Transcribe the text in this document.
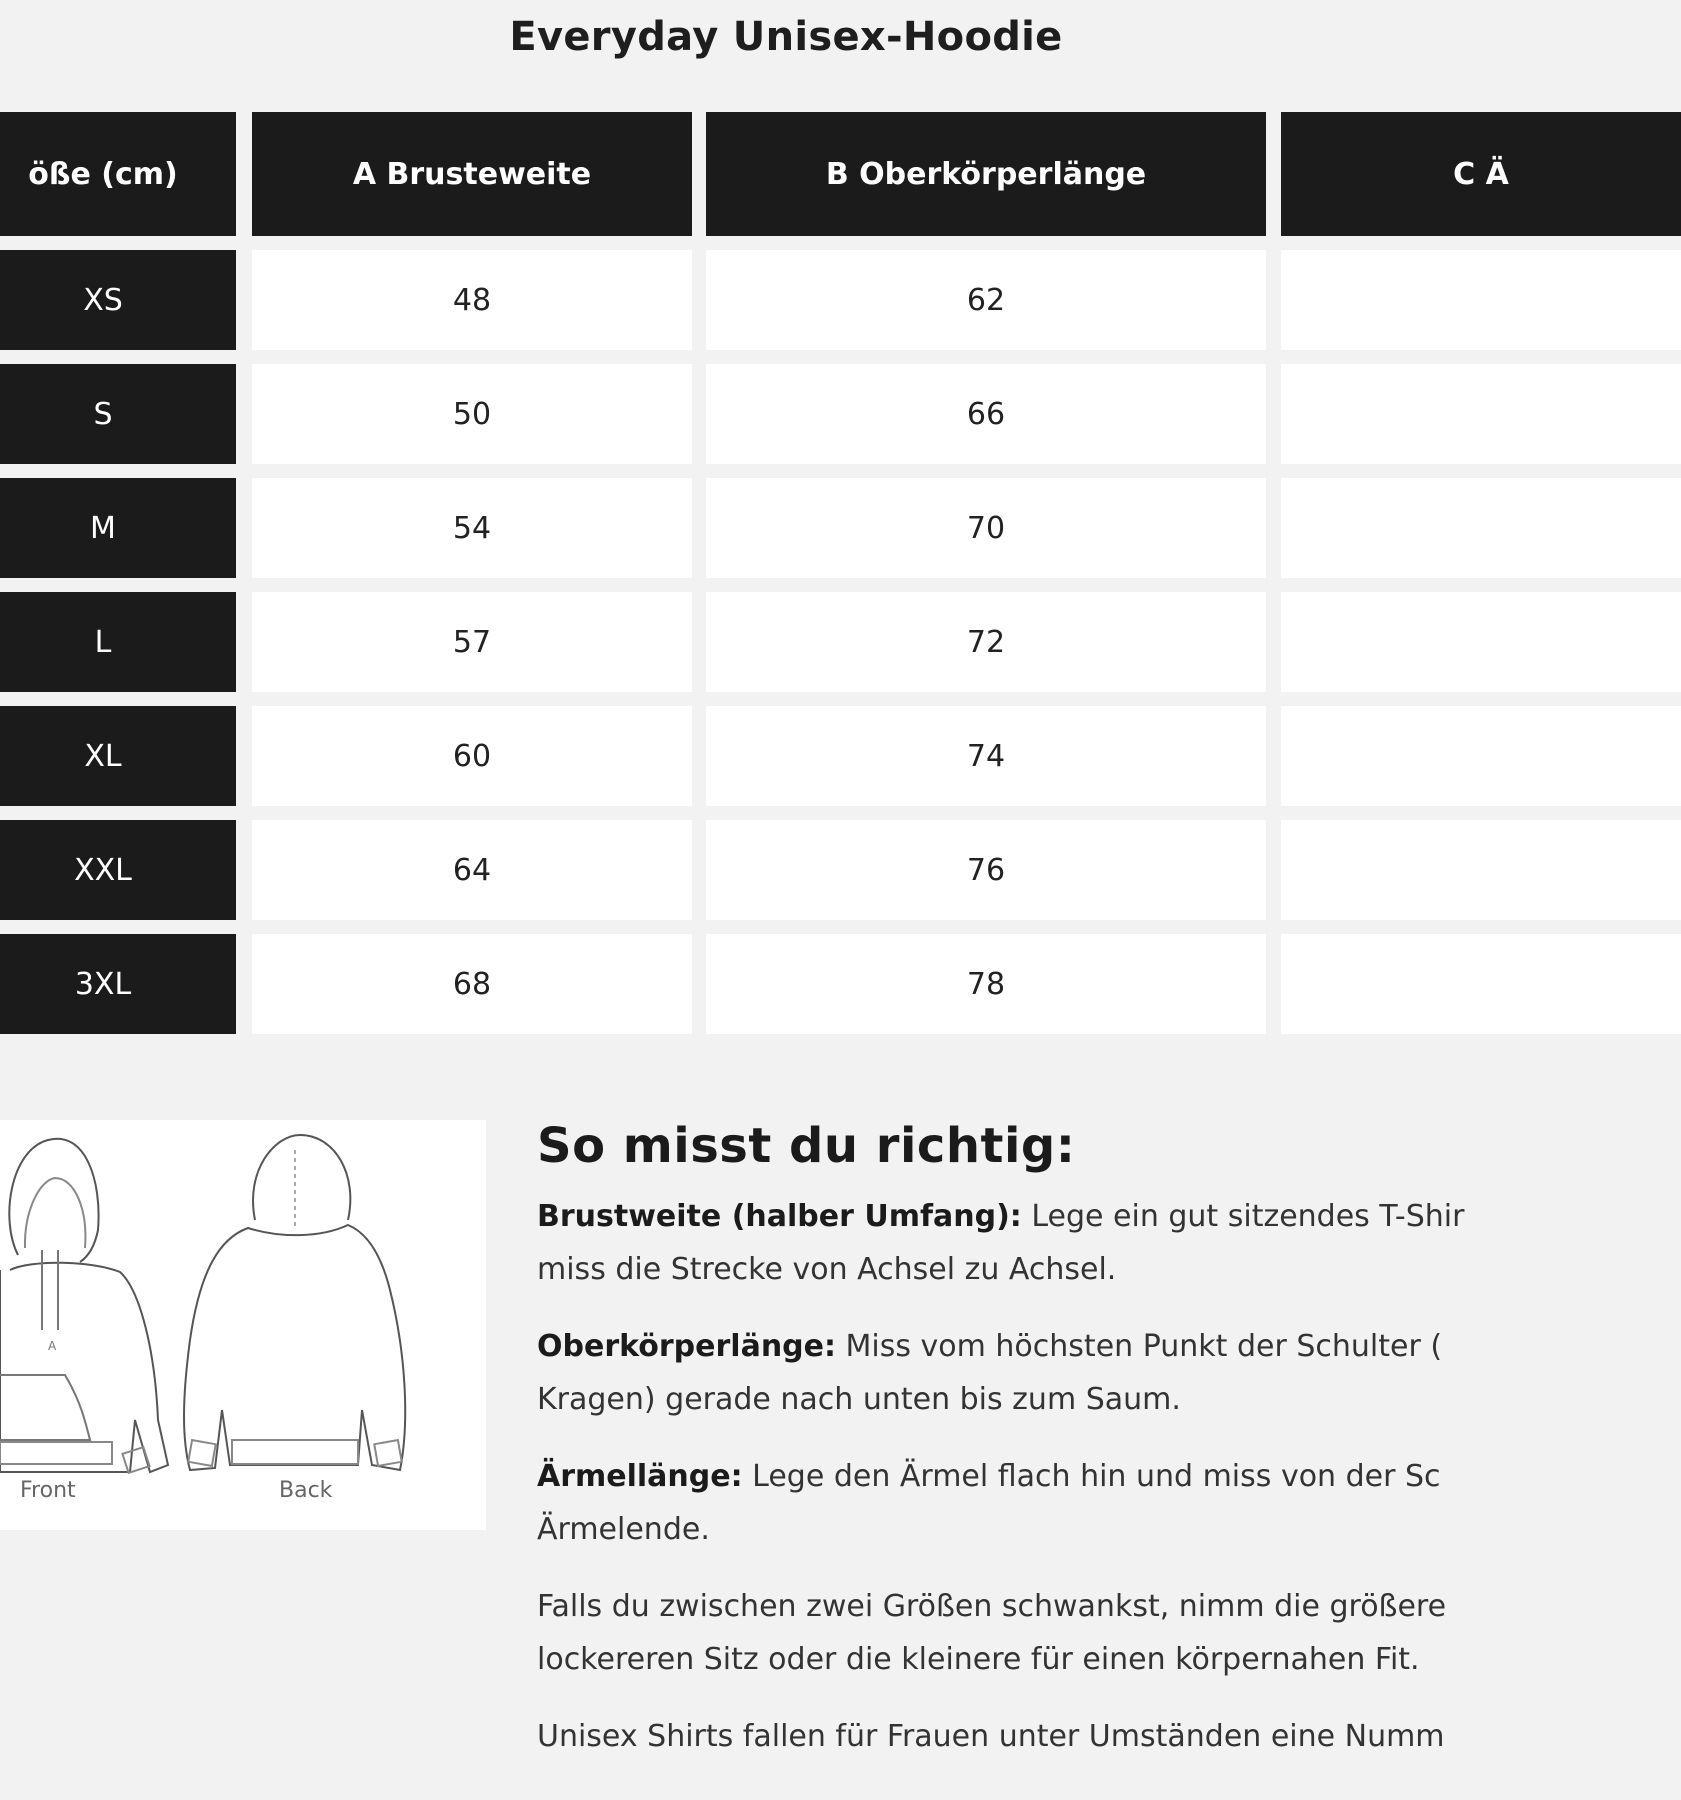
Everyday Unisex-Hoodie
öße (cm)	A Brusteweite	B Oberkörperlänge	C Ä
XS	48	62
S	50	66
M	54	70
L	57	72
XL	60	74
XXL	64	76
3XL	68	78
A
Front	Back
So misst du richtig:

Brustweite (halber Umfang): Lege ein gut sitzendes T-Shir
miss die Strecke von Achsel zu Achsel.

Oberkörperlänge: Miss vom höchsten Punkt der Schulter (
Kragen) gerade nach unten bis zum Saum.

Ärmellänge: Lege den Ärmel flach hin und miss von der Sc
Ärmelende.

Falls du zwischen zwei Größen schwankst, nimm die größere
lockereren Sitz oder die kleinere für einen körpernahen Fit.

Unisex Shirts fallen für Frauen unter Umständen eine Numm
